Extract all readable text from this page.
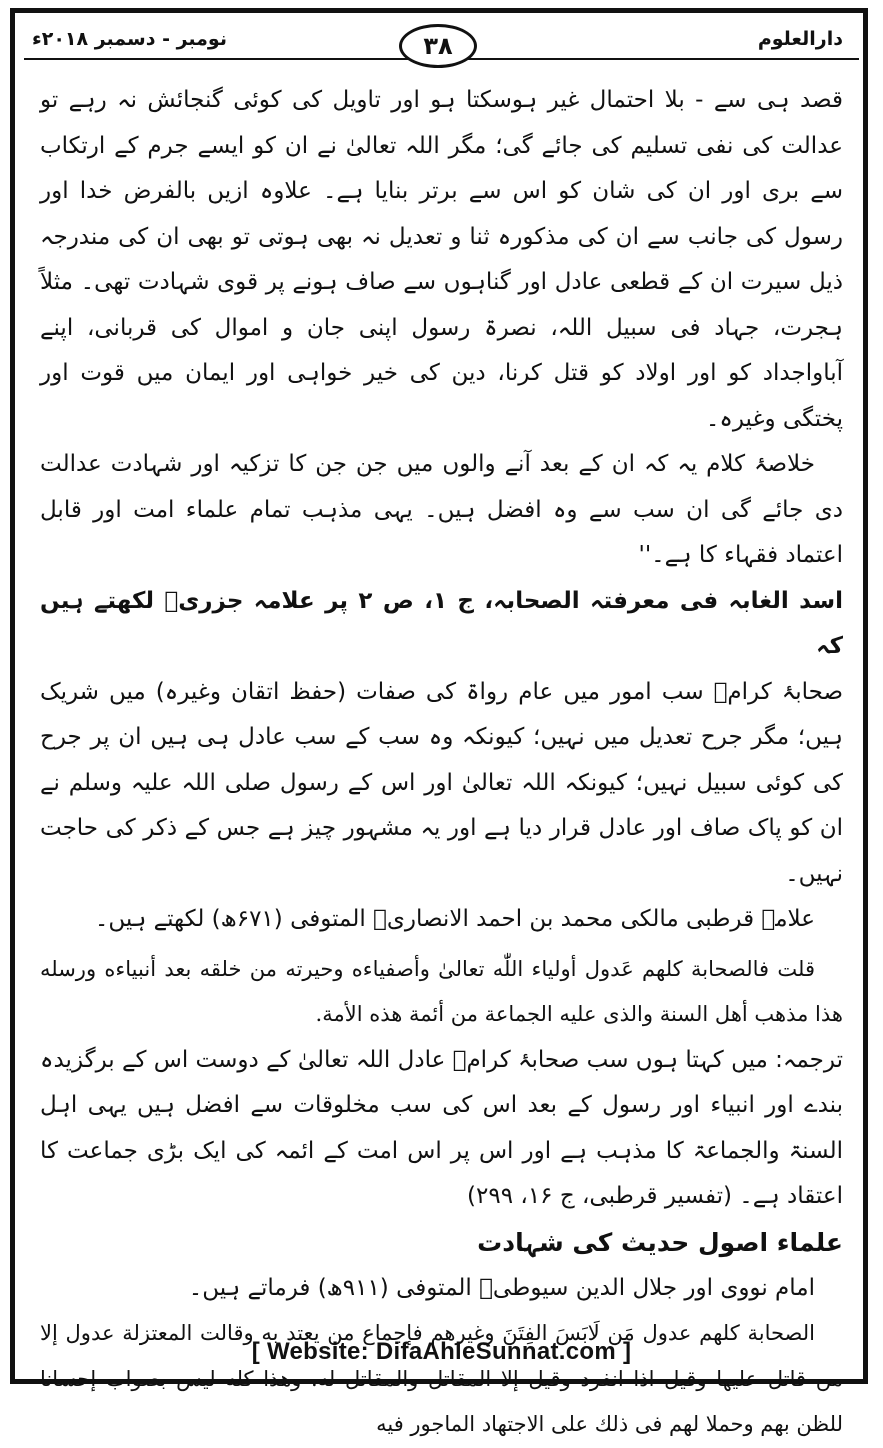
دارالعلوم
نومبر - دسمبر ۲۰۱۸ء	۳۸

قصد ہی سے - بلا احتمال غیر ہوسکتا ہو اور تاویل کی کوئی گنجائش نہ رہے تو عدالت کی نفی تسلیم کی جائے گی؛ مگر اللہ تعالیٰ نے ان کو ایسے جرم کے ارتکاب سے بری اور ان کی شان کو اس سے برتر بنایا ہے۔ علاوہ ازیں بالفرض خدا اور رسول کی جانب سے ان کی مذکورہ ثنا و تعدیل نہ بھی ہوتی تو بھی ان کی مندرجہ ذیل سیرت ان کے قطعی عادل اور گناہوں سے صاف ہونے پر قوی شہادت تھی۔ مثلاً ہجرت، جہاد فی سبیل اللہ، نصرۃ رسول اپنی جان و اموال کی قربانی، اپنے آباواجداد کو اور اولاد کو قتل کرنا، دین کی خیر خواہی اور ایمان میں قوت اور پختگی وغیرہ۔

خلاصۂ کلام یہ کہ ان کے بعد آنے والوں میں جن جن کا تزکیہ اور شہادت عدالت دی جائے گی ان سب سے وہ افضل ہیں۔ یہی مذہب تمام علماء امت اور قابل اعتماد فقہاء کا ہے۔''

اسد الغابہ فی معرفتہ الصحابہ، ج ۱، ص ۲ پر علامہ جزریؒ لکھتے ہیں کہ

صحابۂ کرامؓ سب امور میں عام رواۃ کی صفات (حفظ اتقان وغیرہ) میں شریک ہیں؛ مگر جرح تعدیل میں نہیں؛ کیونکہ وہ سب کے سب عادل ہی ہیں ان پر جرح کی کوئی سبیل نہیں؛ کیونکہ اللہ تعالیٰ اور اس کے رسول صلی اللہ علیہ وسلم نے ان کو پاک صاف اور عادل قرار دیا ہے اور یہ مشہور چیز ہے جس کے ذکر کی حاجت نہیں۔

علامہ قرطبی مالکی محمد بن احمد الانصاریؒ المتوفی (۶۷۱ھ) لکھتے ہیں۔

قلت فالصحابة كلهم عَدول أولياء اللّٰه تعالىٰ وأصفياءه وحيرته من خلقه بعد أنبياءه ورسله هذا مذهب أهل السنة والذى عليه الجماعة من أئمة هذه الأمة.

ترجمہ: میں کہتا ہوں سب صحابۂ کرامؓ عادل اللہ تعالیٰ کے دوست اس کے برگزیدہ بندے اور انبیاء اور رسول کے بعد اس کی سب مخلوقات سے افضل ہیں یہی اہل السنۃ والجماعۃ کا مذہب ہے اور اس پر اس امت کے ائمہ کی ایک بڑی جماعت کا اعتقاد ہے۔ (تفسیر قرطبی، ج ۱۶، ۲۹۹)

علماء اصول حدیث کی شہادت

امام نووی اور جلال الدین سیوطیؒ المتوفی (۹۱۱ھ) فرماتے ہیں۔

الصحابة كلهم عدول مَن لَابَسَ الفِتَنَ وغيرهم فإجماع من يعتد به وقالت المعتزلة عدول إلا من قاتل عليها وقيل اذا انفرد وقيل إلا المقاتل والمقاتل له. وهذا كله ليس بصواب إحسانا للظن بهم وحملا لهم فى ذلك على الاجتهاد الماجور فيه

[ Website: DifaAhleSunnat.com ]
